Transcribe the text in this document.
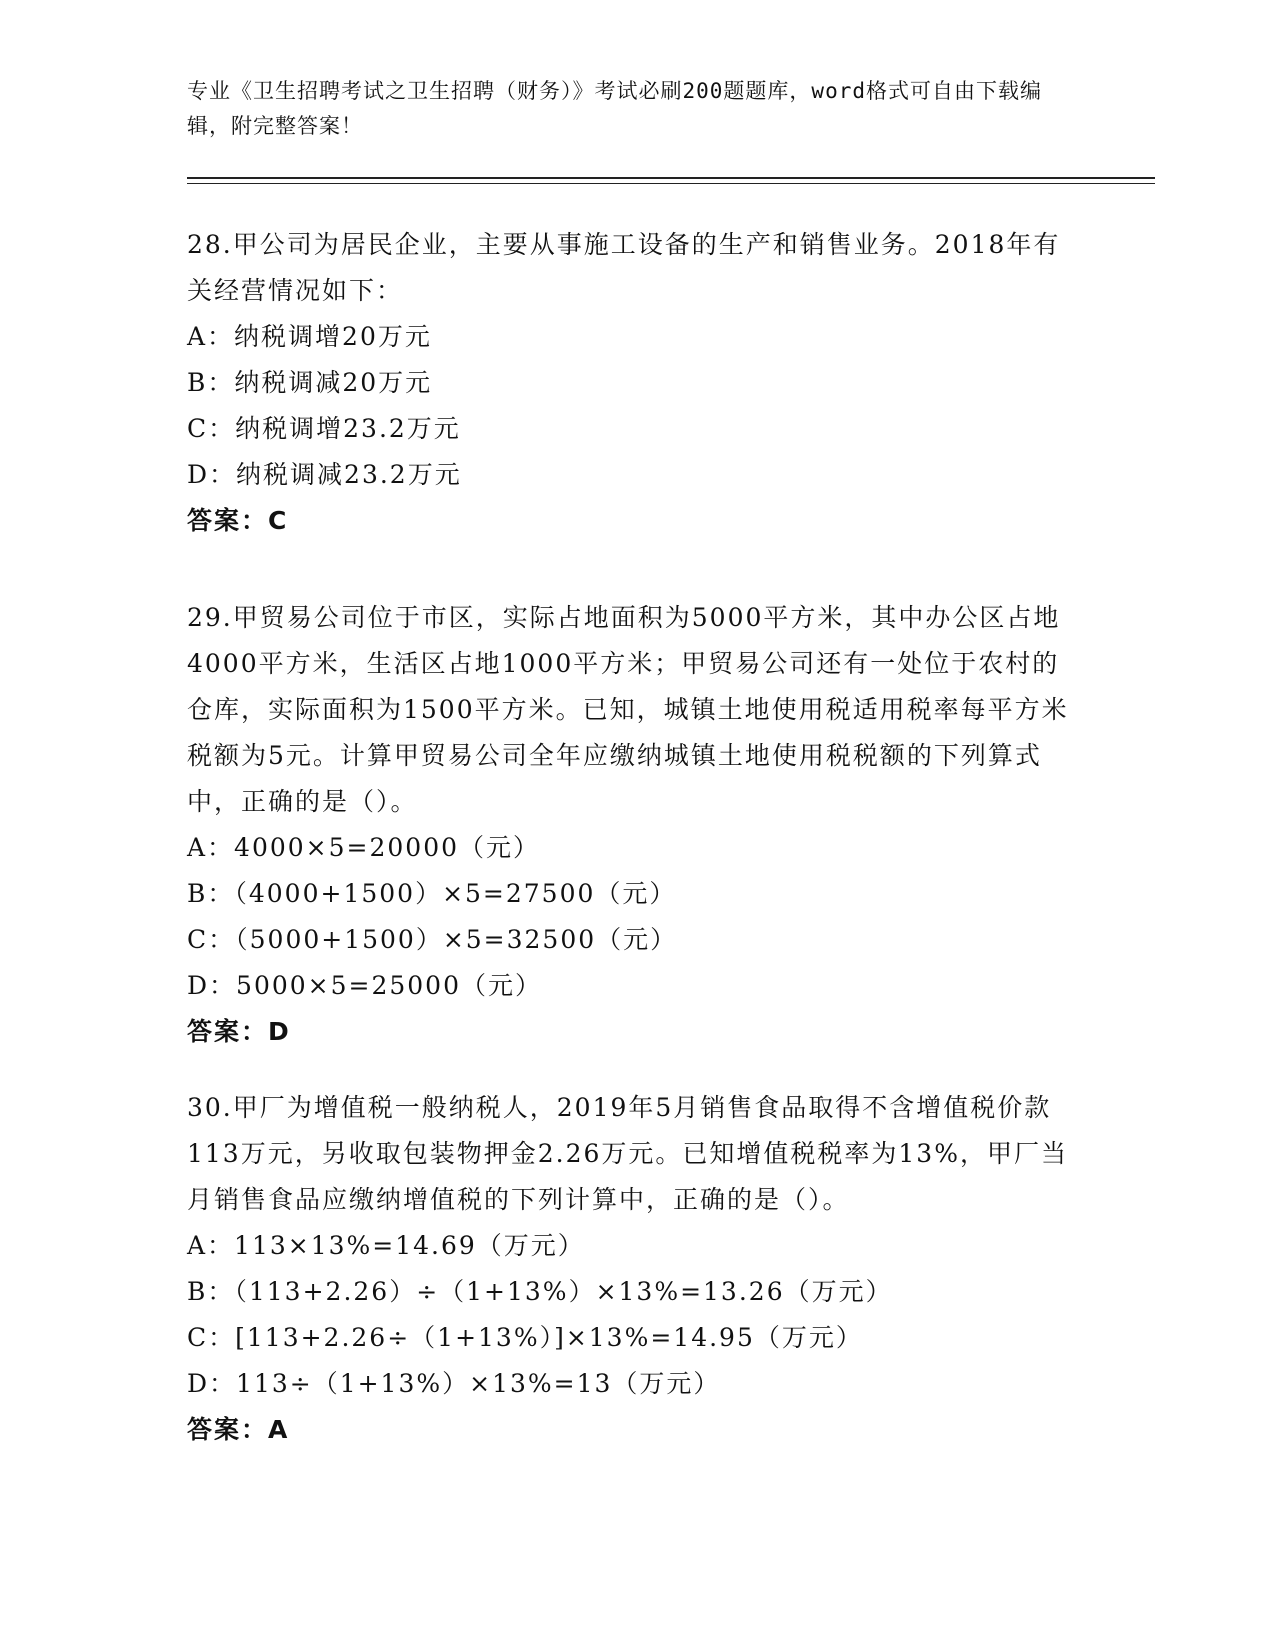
专业《卫生招聘考试之卫生招聘（财务）》考试必刷200题题库，word格式可自由下载编辑，附完整答案！

28.甲公司为居民企业，主要从事施工设备的生产和销售业务。2018年有关经营情况如下：

A：纳税调增20万元

B：纳税调减20万元

C：纳税调增23.2万元

D：纳税调减23.2万元

答案：C

29.甲贸易公司位于市区，实际占地面积为5000平方米，其中办公区占地4000平方米，生活区占地1000平方米；甲贸易公司还有一处位于农村的仓库，实际面积为1500平方米。已知，城镇土地使用税适用税率每平方米税额为5元。计算甲贸易公司全年应缴纳城镇土地使用税税额的下列算式中，正确的是（）。

A：4000×5=20000（元）

B：（4000+1500）×5=27500（元）

C：（5000+1500）×5=32500（元）

D：5000×5=25000（元）

答案：D

30.甲厂为增值税一般纳税人，2019年5月销售食品取得不含增值税价款113万元，另收取包装物押金2.26万元。已知增值税税率为13%，甲厂当月销售食品应缴纳增值税的下列计算中，正确的是（）。

A：113×13%=14.69（万元）

B：（113+2.26）÷（1+13%）×13%=13.26（万元）

C：[113+2.26÷（1+13%）]×13%=14.95（万元）

D：113÷（1+13%）×13%=13（万元）

答案：A
